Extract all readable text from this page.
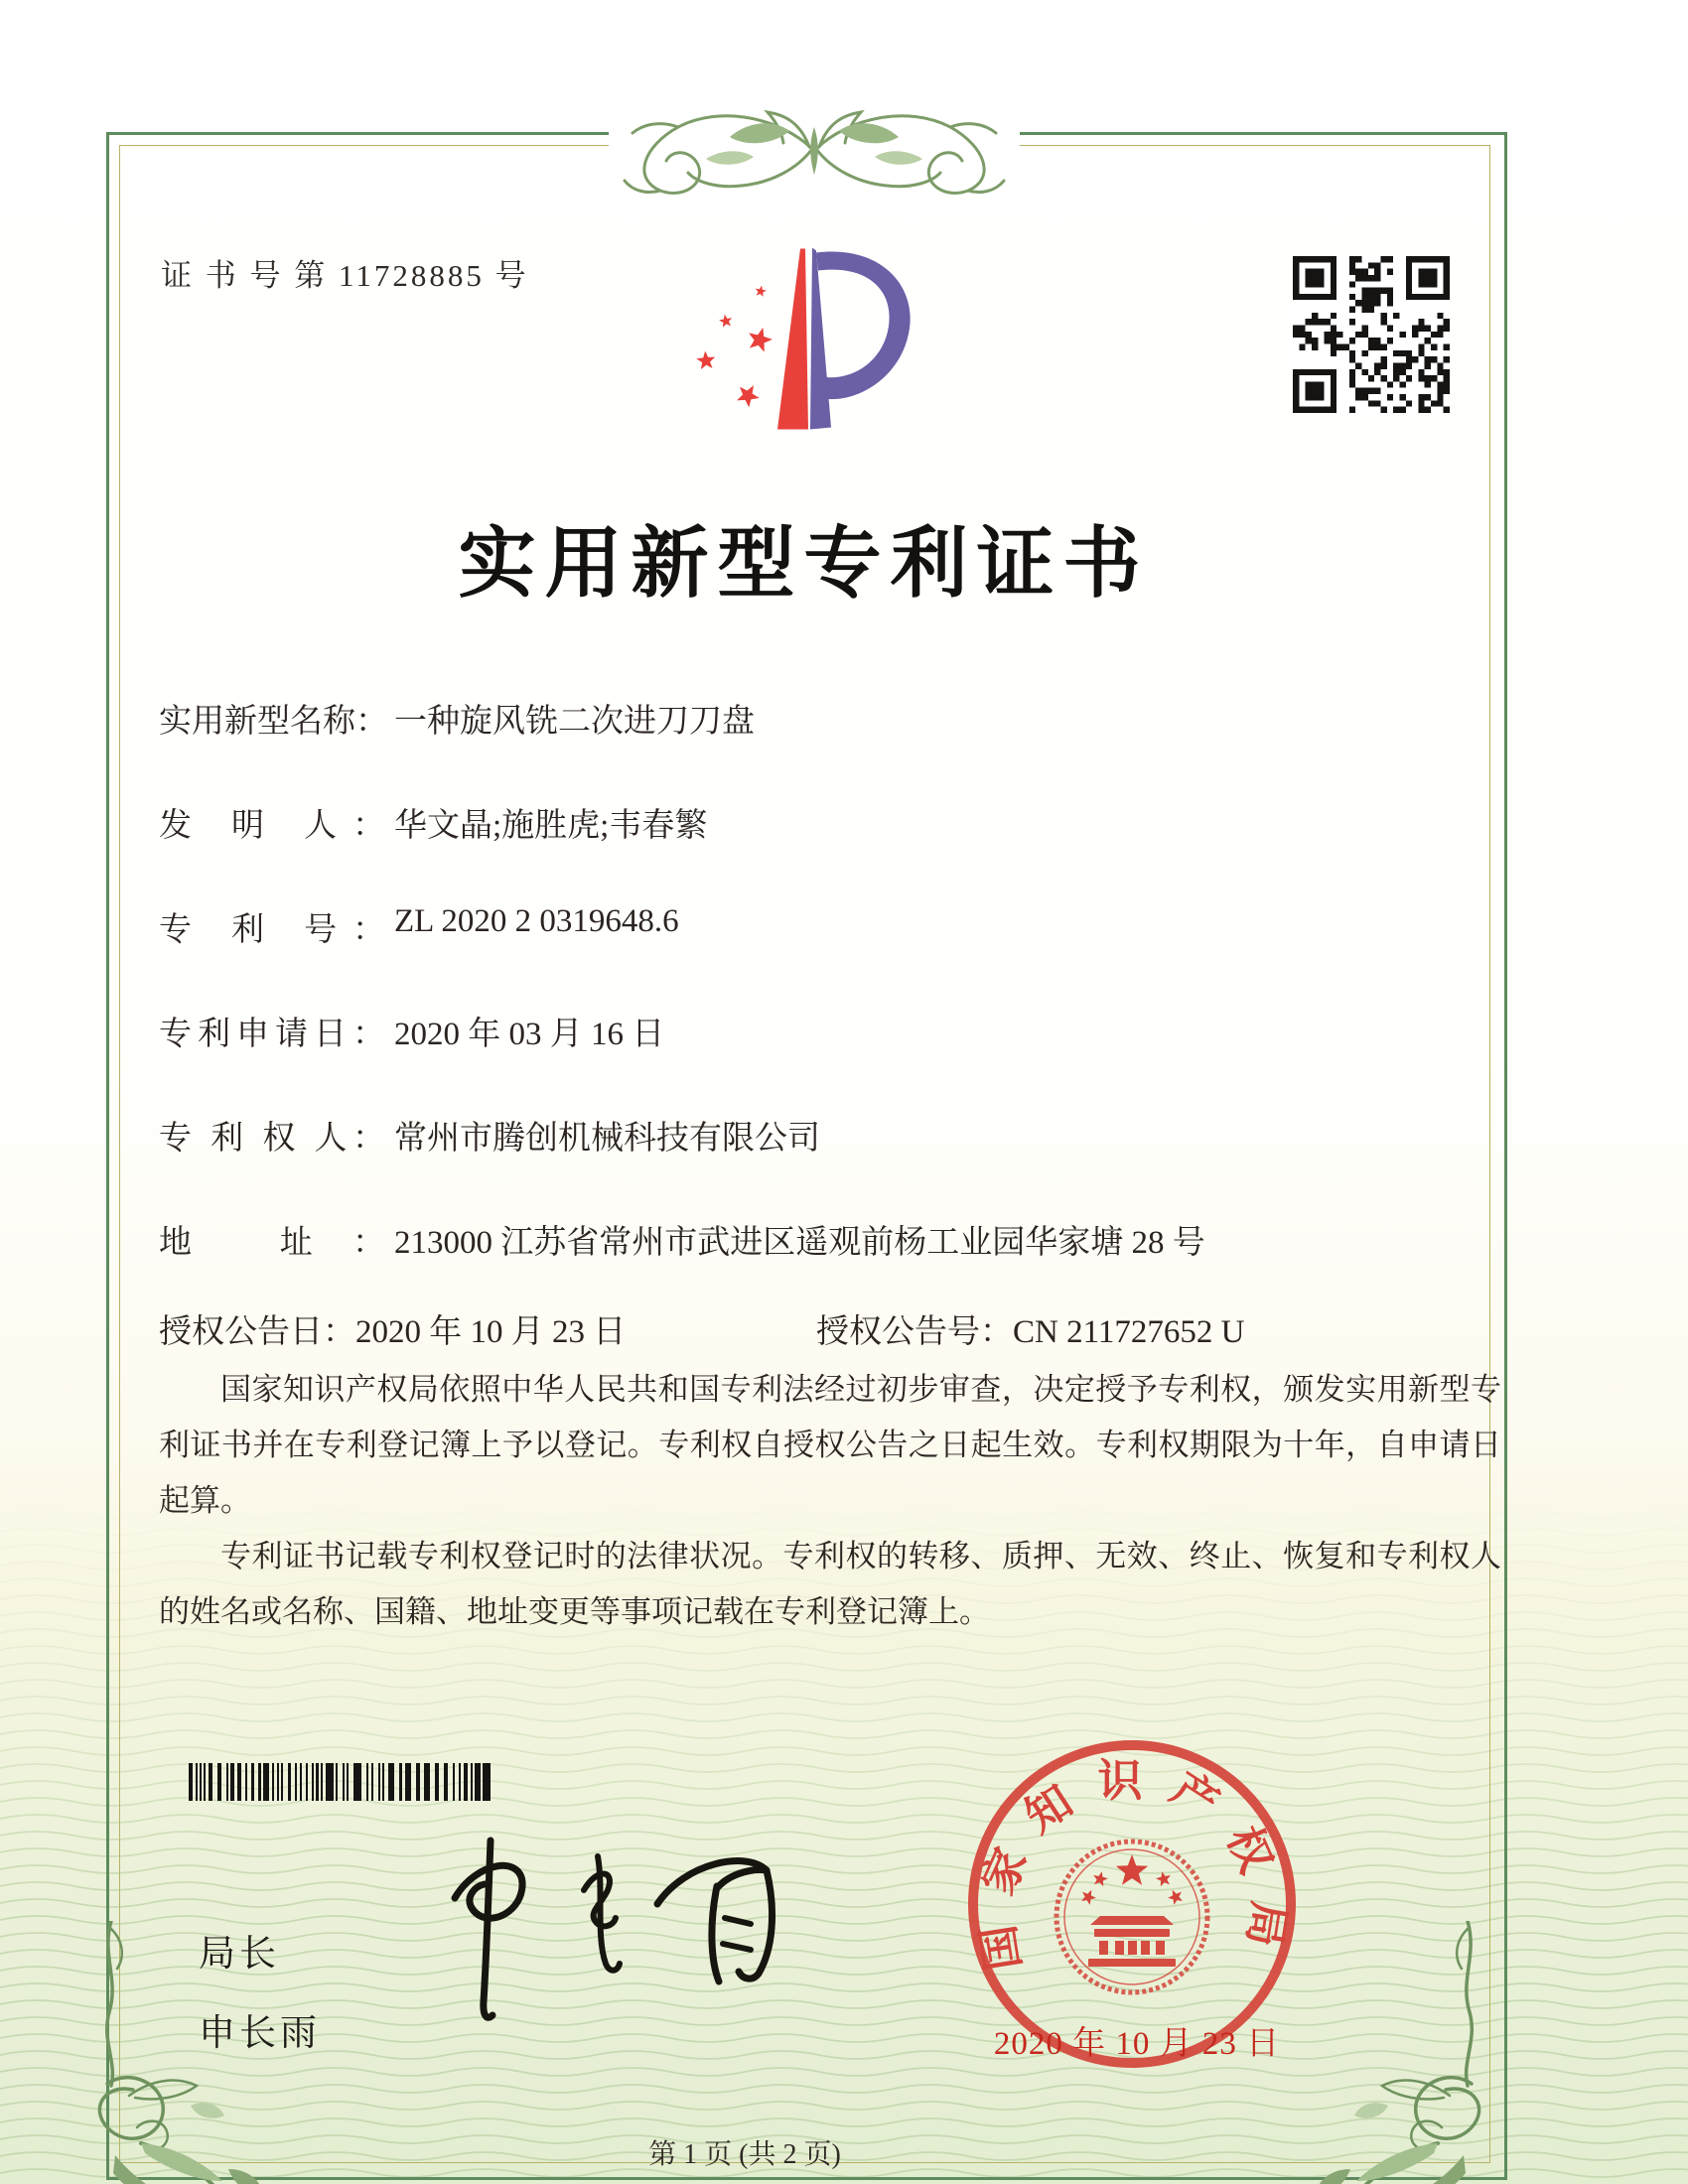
证 书 号 第 11728885 号
实用新型专利证书
实用新型名称： 一种旋风铣二次进刀刀盘
发 明 人： 华文晶;施胜虎;韦春繁
专 利 号： ZL 2020 2 0319648.6
专利申请日： 2020 年 03 月 16 日
专 利 权 人： 常州市腾创机械科技有限公司
地 址： 213000 江苏省常州市武进区遥观前杨工业园华家塘 28 号
授权公告日：2020 年 10 月 23 日	授权公告号：CN 211727652 U

国家知识产权局依照中华人民共和国专利法经过初步审查，决定授予专利权，颁发实用新型专利证书并在专利登记簿上予以登记。专利权自授权公告之日起生效。专利权期限为十年，自申请日起算。

专利证书记载专利权登记时的法律状况。专利权的转移、质押、无效、终止、恢复和专利权人的姓名或名称、国籍、地址变更等事项记载在专利登记簿上。

局长
申长雨
国家知识产权局
2020 年 10 月 23 日
第 1 页 (共 2 页)
